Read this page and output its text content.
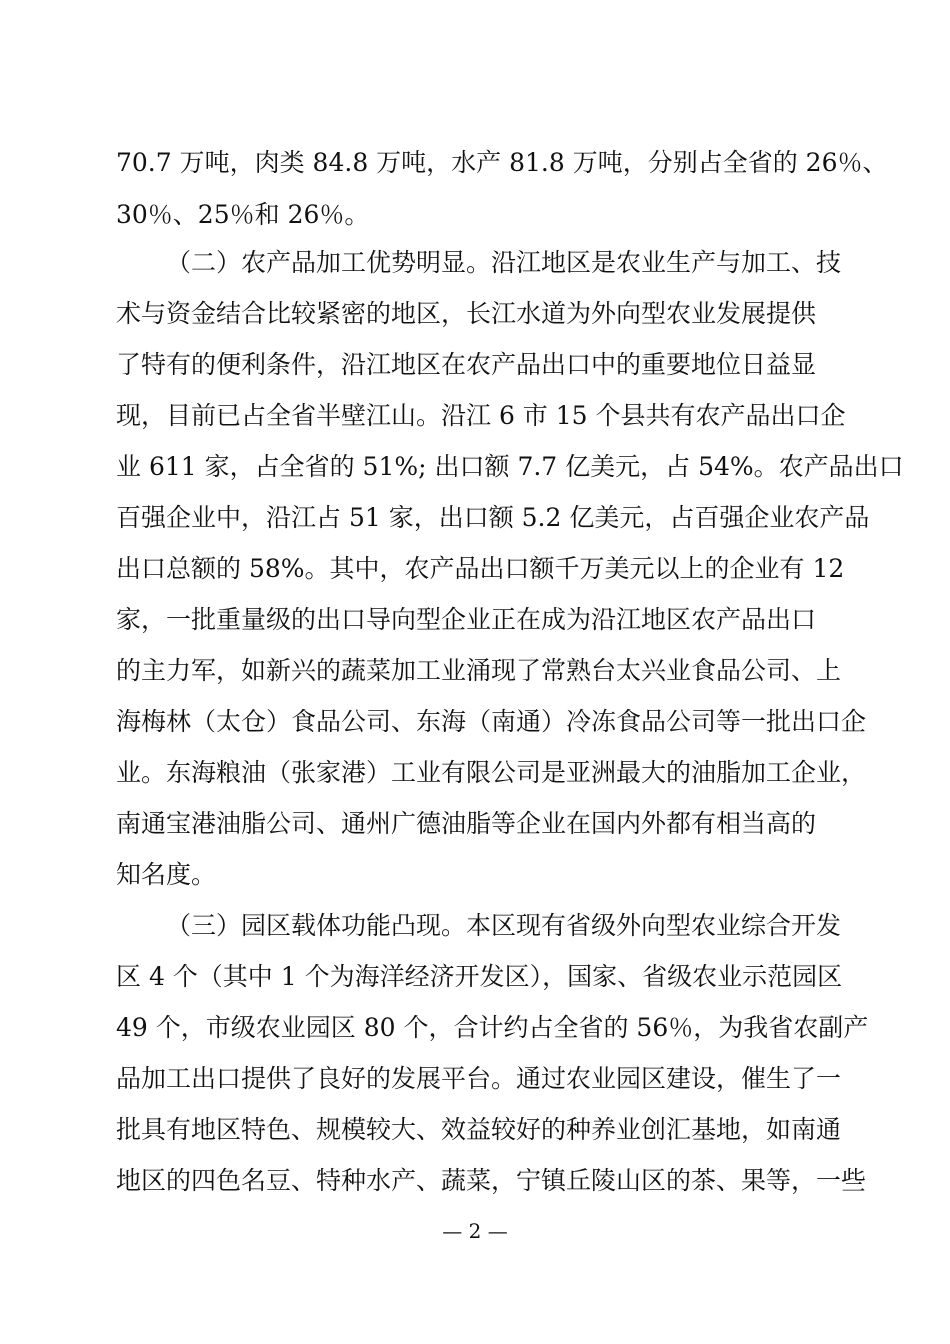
70.7 万吨，肉类 84.8 万吨，水产 81.8 万吨，分别占全省的 26％、
30％、25％和 26％。
（二）农产品加工优势明显。沿江地区是农业生产与加工、技
术与资金结合比较紧密的地区，长江水道为外向型农业发展提供
了特有的便利条件，沿江地区在农产品出口中的重要地位日益显
现，目前已占全省半壁江山。沿江 6 市 15 个县共有农产品出口企
业 611 家，占全省的 51%; 出口额 7.7 亿美元，占 54%。农产品出口
百强企业中，沿江占 51 家，出口额 5.2 亿美元，占百强企业农产品
出口总额的 58%。其中，农产品出口额千万美元以上的企业有 12
家，一批重量级的出口导向型企业正在成为沿江地区农产品出口
的主力军，如新兴的蔬菜加工业涌现了常熟台太兴业食品公司、上
海梅林（太仓）食品公司、东海（南通）冷冻食品公司等一批出口企
业。东海粮油（张家港）工业有限公司是亚洲最大的油脂加工企业，
南通宝港油脂公司、通州广德油脂等企业在国内外都有相当高的
知名度。
（三）园区载体功能凸现。本区现有省级外向型农业综合开发
区 4 个（其中 1 个为海洋经济开发区），国家、省级农业示范园区
49 个，市级农业园区 80 个，合计约占全省的 56％，为我省农副产
品加工出口提供了良好的发展平台。通过农业园区建设，催生了一
批具有地区特色、规模较大、效益较好的种养业创汇基地，如南通
地区的四色名豆、特种水产、蔬菜，宁镇丘陵山区的茶、果等，一些
— 2 —
